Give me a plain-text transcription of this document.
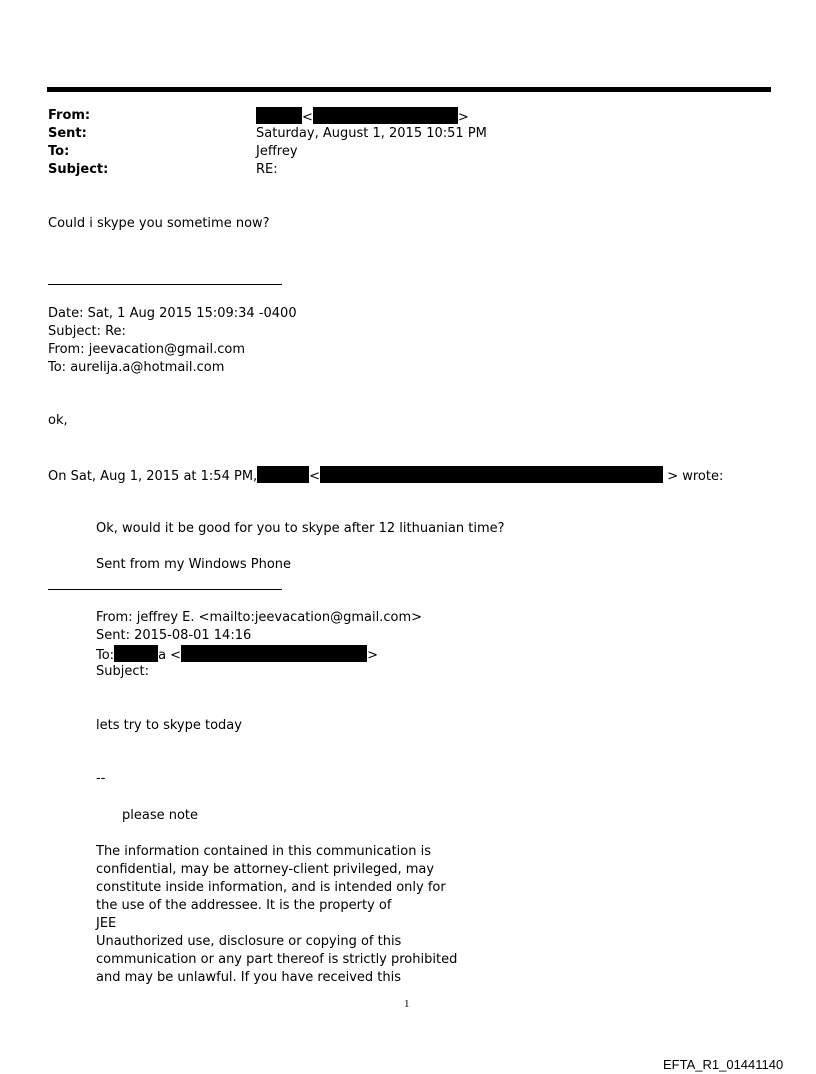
From:	<	>
Sent:	Saturday, August 1, 2015 10:51 PM
To:	Jeffrey
Subject:	RE:
Could i skype you sometime now?
Date: Sat, 1 Aug 2015 15:09:34 -0400
Subject: Re:
From: jeevacation@gmail.com
To: aurelija.a@hotmail.com
ok,
On Sat, Aug 1, 2015 at 1:54 PM,	<	> wrote:
Ok, would it be good for you to skype after 12 lithuanian time?
Sent from my Windows Phone
From: jeffrey E. <mailto:jeevacation@gmail.com>
Sent: 2015-08-01 14:16
To:	a <	>
Subject:
lets try to skype today
--
please note
The information contained in this communication is
confidential, may be attorney-client privileged, may
constitute inside information, and is intended only for
the use of the addressee. It is the property of
JEE
Unauthorized use, disclosure or copying of this
communication or any part thereof is strictly prohibited
and may be unlawful. If you have received this
1
EFTA_R1_01441140
